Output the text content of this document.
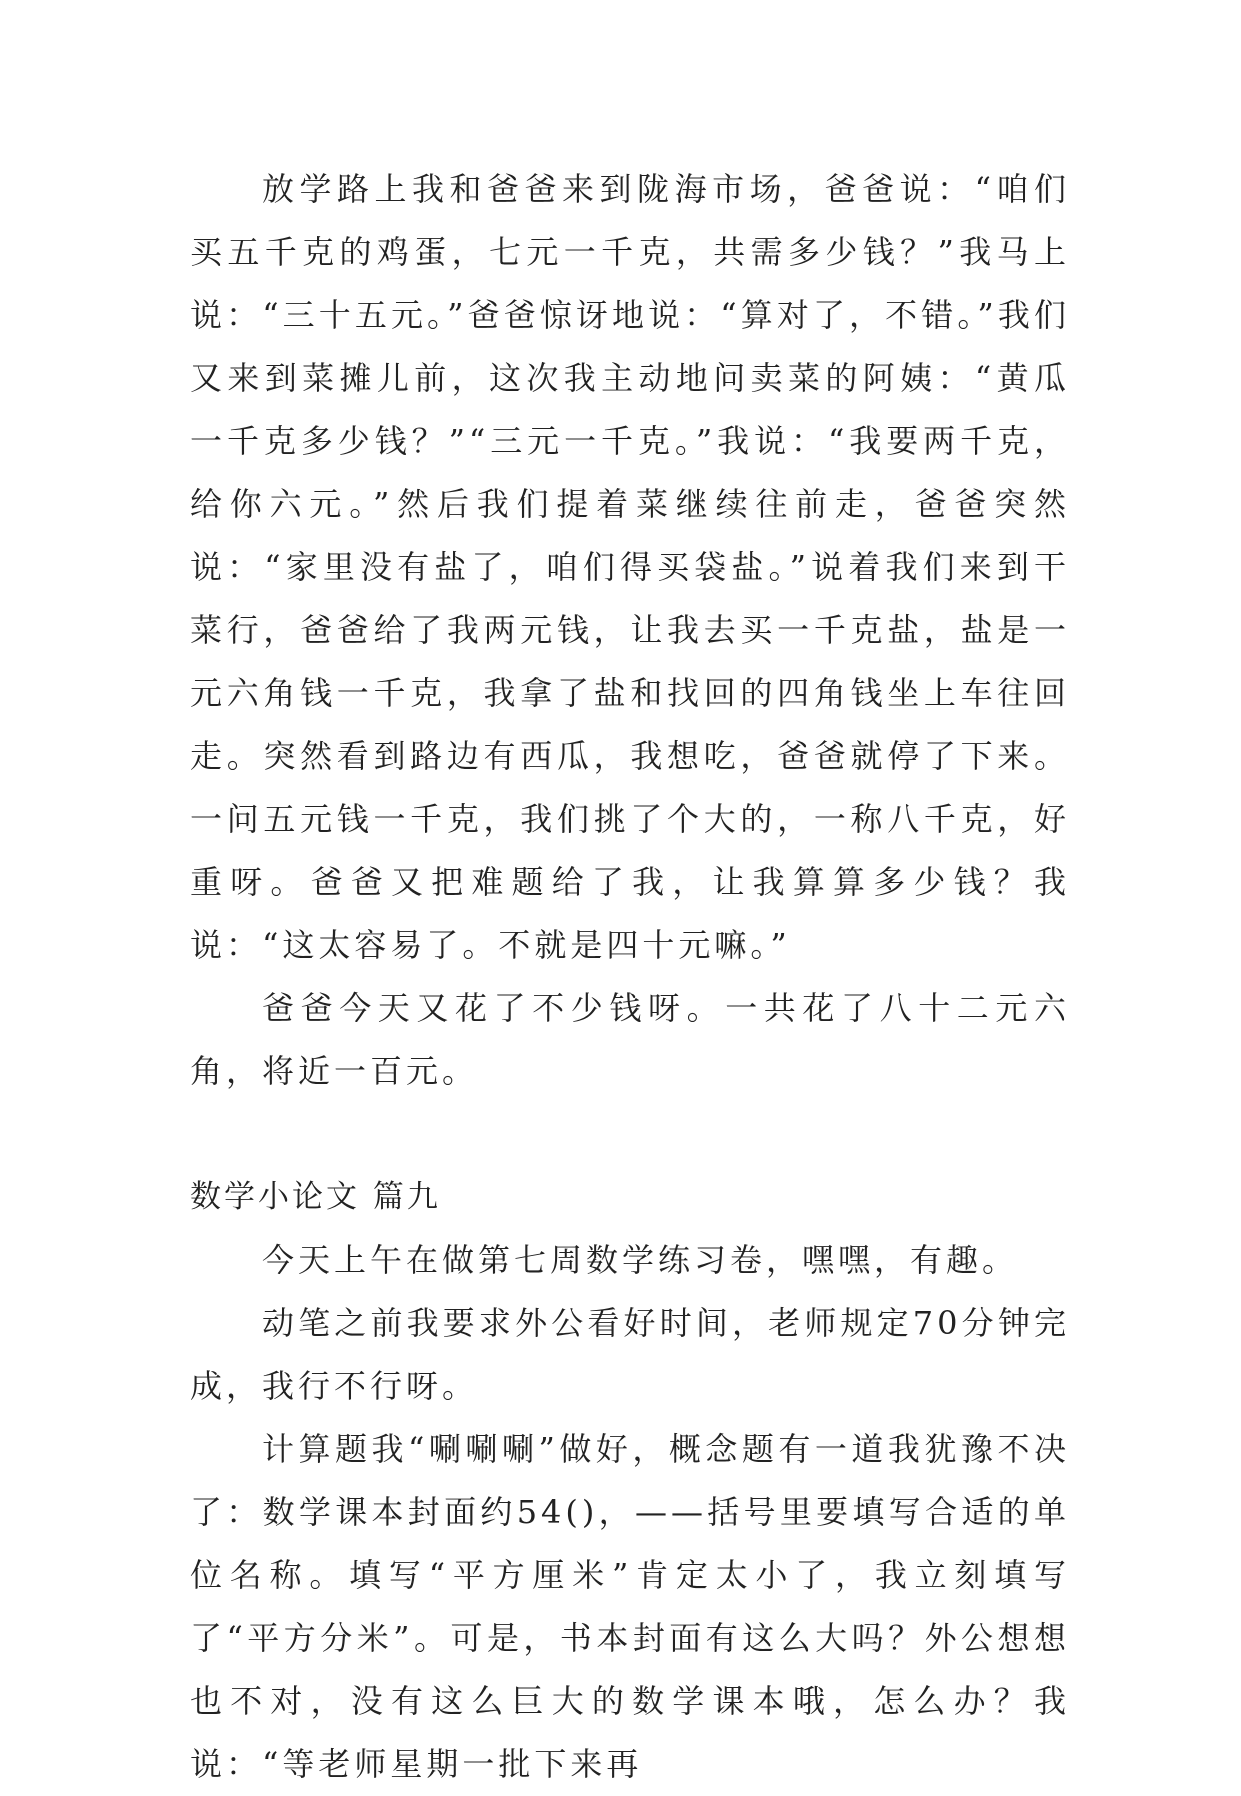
放学路上我和爸爸来到陇海市场，爸爸说：“咱们买五千克的鸡蛋，七元一千克，共需多少钱？”我马上说：“三十五元。”爸爸惊讶地说：“算对了，不错。”我们又来到菜摊儿前，这次我主动地问卖菜的阿姨：“黄瓜一千克多少钱？”“三元一千克。”我说：“我要两千克，给你六元。”然后我们提着菜继续往前走，爸爸突然说：“家里没有盐了，咱们得买袋盐。”说着我们来到干菜行，爸爸给了我两元钱，让我去买一千克盐，盐是一元六角钱一千克，我拿了盐和找回的四角钱坐上车往回走。突然看到路边有西瓜，我想吃，爸爸就停了下来。一问五元钱一千克，我们挑了个大的，一称八千克，好重呀。爸爸又把难题给了我，让我算算多少钱？我说：“这太容易了。不就是四十元嘛。”

爸爸今天又花了不少钱呀。一共花了八十二元六角，将近一百元。

数学小论文 篇九

今天上午在做第七周数学练习卷，嘿嘿，有趣。

动笔之前我要求外公看好时间，老师规定70分钟完成，我行不行呀。

计算题我“唰唰唰”做好，概念题有一道我犹豫不决了：数学课本封面约54()，——括号里要填写合适的单位名称。填写“平方厘米”肯定太小了，我立刻填写了“平方分米”。可是，书本封面有这么大吗？外公想想也不对，没有这么巨大的数学课本哦，怎么办？我说：“等老师星期一批下来再
